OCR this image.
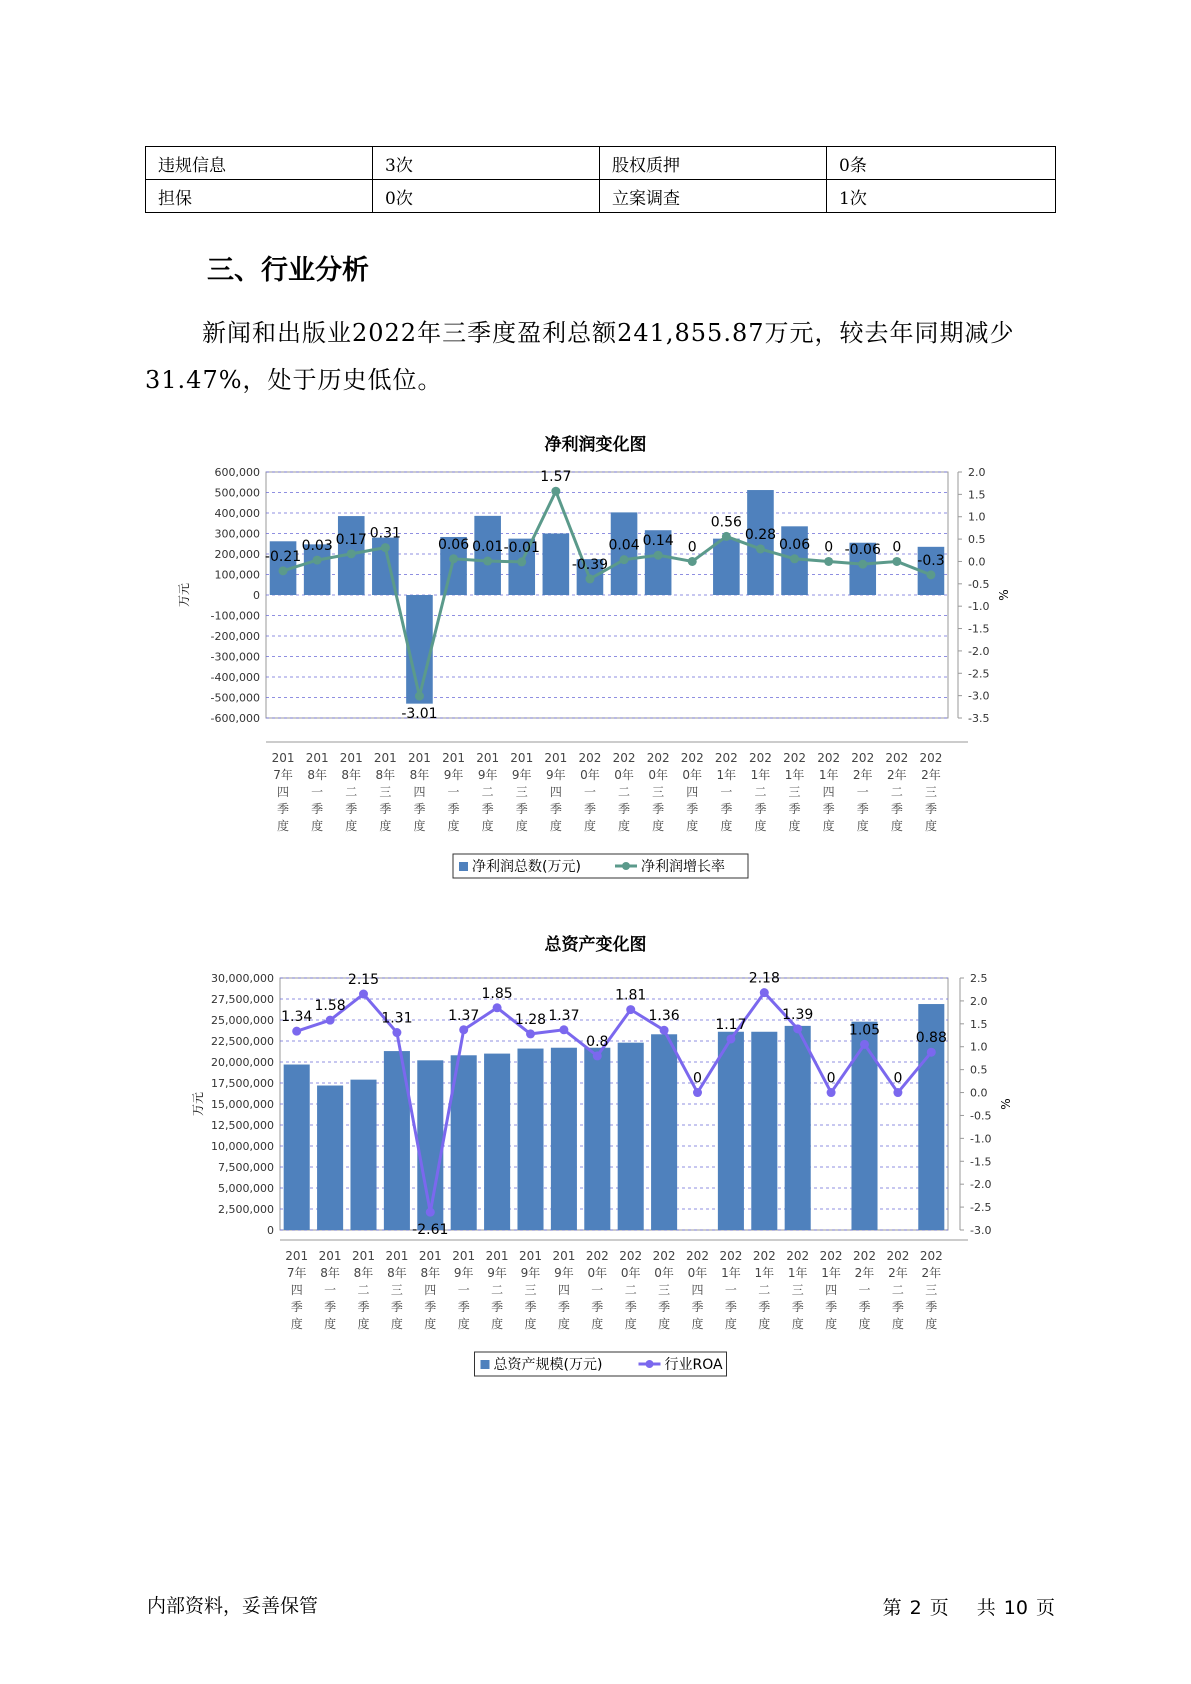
违规信息	3次	股权质押	0条
担保	0次	立案调查	1次
三、行业分析

新闻和出版业2022年三季度盈利总额241,855.87万元，较去年同期减少31.47%，处于历史低位。

净利润变化图
600,000
500,000
400,000
300,000
200,000
100,000
0
-100,000
-200,000
-300,000
-400,000
-500,000
-600,000
2.0
1.5
1.0
0.5
0.0
-0.5
-1.0
-1.5
-2.0
-2.5
-3.0
-3.5
万元	%
-0.21
0.03 0.17 0.31
-3.01
0.06 0.01 -0.01
1.57
-0.39
0.04 0.14 0
0.56
0.28
0.06 0 -0.06 0
-0.3
201
7年
四
季
度
201
8年
一
季
度
201
8年
二
季
度
201
8年
三
季
度
201
8年
四
季
度
201
9年
一
季
度
201
9年
二
季
度
201
9年
三
季
度
201
9年
四
季
度
202
0年
一
季
度
202
0年
二
季
度
202
0年
三
季
度
202
0年
四
季
度
202
1年
一
季
度
202
1年
二
季
度
202
1年
三
季
度
202
1年
四
季
度
202
2年
一
季
度
202
2年
二
季
度
202
2年
三
季
度
净利润总数(万元)	净利润增长率
总资产变化图
30,000,000
27,500,000
25,000,000
22,500,000
20,000,000
17,500,000
15,000,000
12,500,000
10,000,000
7,500,000
5,000,000
2,500,000
0
2.5
2.0
1.5
1.0
0.5
0.0
-0.5
-1.0
-1.5
-2.0
-2.5
-3.0
万元	%
1.34
1.58
2.15
1.31
-2.61
1.37
1.85
1.28 1.37
0.8
1.81
1.36
0
1.17
2.18
1.39
0
1.05
0
0.88
201
7年
四
季
度
201
8年
一
季
度
201
8年
二
季
度
201
8年
三
季
度
201
8年
四
季
度
201
9年
一
季
度
201
9年
二
季
度
201
9年
三
季
度
201
9年
四
季
度
202
0年
一
季
度
202
0年
二
季
度
202
0年
三
季
度
202
0年
四
季
度
202
1年
一
季
度
202
1年
二
季
度
202
1年
三
季
度
202
1年
四
季
度
202
2年
一
季
度
202
2年
二
季
度
202
2年
三
季
度
总资产规模(万元)	行业ROA
内部资料，妥善保管	第 2 页 共 10 页
